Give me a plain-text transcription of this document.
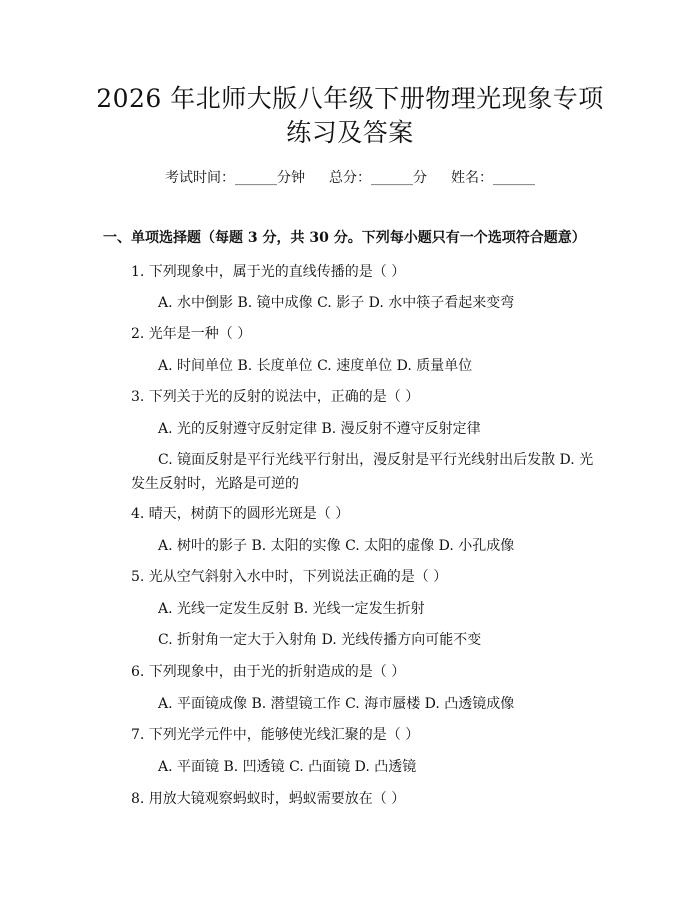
2026 年北师大版八年级下册物理光现象专项
练习及答案
考试时间：______分钟 总分：______分 姓名：______
一、单项选择题（每题 3 分，共 30 分。下列每小题只有一个选项符合题意）
1. 下列现象中，属于光的直线传播的是（ ）
A. 水中倒影 B. 镜中成像 C. 影子 D. 水中筷子看起来变弯
2. 光年是一种（ ）
A. 时间单位 B. 长度单位 C. 速度单位 D. 质量单位
3. 下列关于光的反射的说法中，正确的是（ ）
A. 光的反射遵守反射定律 B. 漫反射不遵守反射定律
C. 镜面反射是平行光线平行射出，漫反射是平行光线射出后发散 D. 光发生反射时，光路是可逆的
4. 晴天，树荫下的圆形光斑是（ ）
A. 树叶的影子 B. 太阳的实像 C. 太阳的虚像 D. 小孔成像
5. 光从空气斜射入水中时，下列说法正确的是（ ）
A. 光线一定发生反射 B. 光线一定发生折射
C. 折射角一定大于入射角 D. 光线传播方向可能不变
6. 下列现象中，由于光的折射造成的是（ ）
A. 平面镜成像 B. 潜望镜工作 C. 海市蜃楼 D. 凸透镜成像
7. 下列光学元件中，能够使光线汇聚的是（ ）
A. 平面镜 B. 凹透镜 C. 凸面镜 D. 凸透镜
8. 用放大镜观察蚂蚁时，蚂蚁需要放在（ ）
